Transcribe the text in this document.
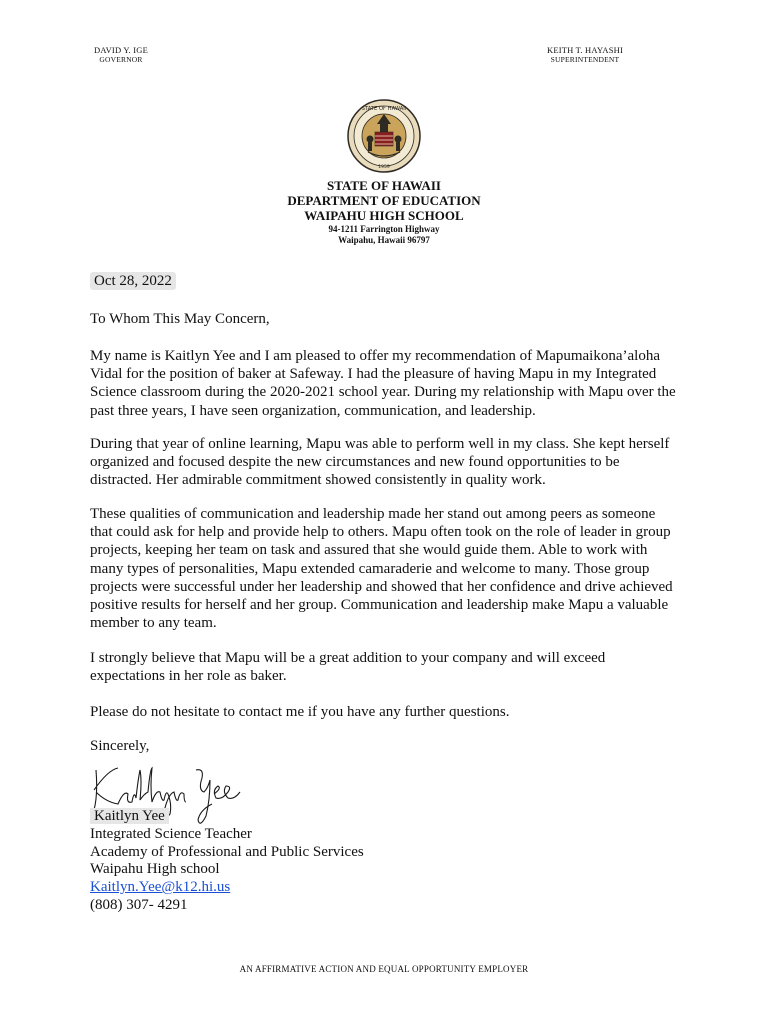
DAVID Y. IGE
GOVERNOR
KEITH T. HAYASHI
SUPERINTENDENT
STATE OF HAWAII
1959
STATE OF HAWAII
DEPARTMENT OF EDUCATION
WAIPAHU HIGH SCHOOL
94-1211 Farrington Highway
Waipahu, Hawaii 96797
Oct 28, 2022
To Whom This May Concern,
My name is Kaitlyn Yee and I am pleased to offer my recommendation of Mapumaikona’aloha Vidal for the position of baker at Safeway. I had the pleasure of having Mapu in my Integrated Science classroom during the 2020-2021 school year. During my relationship with Mapu over the past three years, I have seen organization, communication, and leadership.
During that year of online learning, Mapu was able to perform well in my class. She kept herself organized and focused despite the new circumstances and new found opportunities to be distracted. Her admirable commitment showed consistently in quality work.
These qualities of communication and leadership made her stand out among peers as someone that could ask for help and provide help to others. Mapu often took on the role of leader in group projects, keeping her team on task and assured that she would guide them. Able to work with many types of personalities, Mapu extended camaraderie and welcome to many. Those group projects were successful under her leadership and showed that her confidence and drive achieved positive results for herself and her group. Communication and leadership make Mapu a valuable member to any team.
I strongly believe that Mapu will be a great addition to your company and will exceed expectations in her role as baker.
Please do not hesitate to contact me if you have any further questions.
Sincerely,
Kaitlyn Yee
Integrated Science Teacher
Academy of Professional and Public Services
Waipahu High school
Kaitlyn.Yee@k12.hi.us
(808) 307- 4291
AN AFFIRMATIVE ACTION AND EQUAL OPPORTUNITY EMPLOYER
